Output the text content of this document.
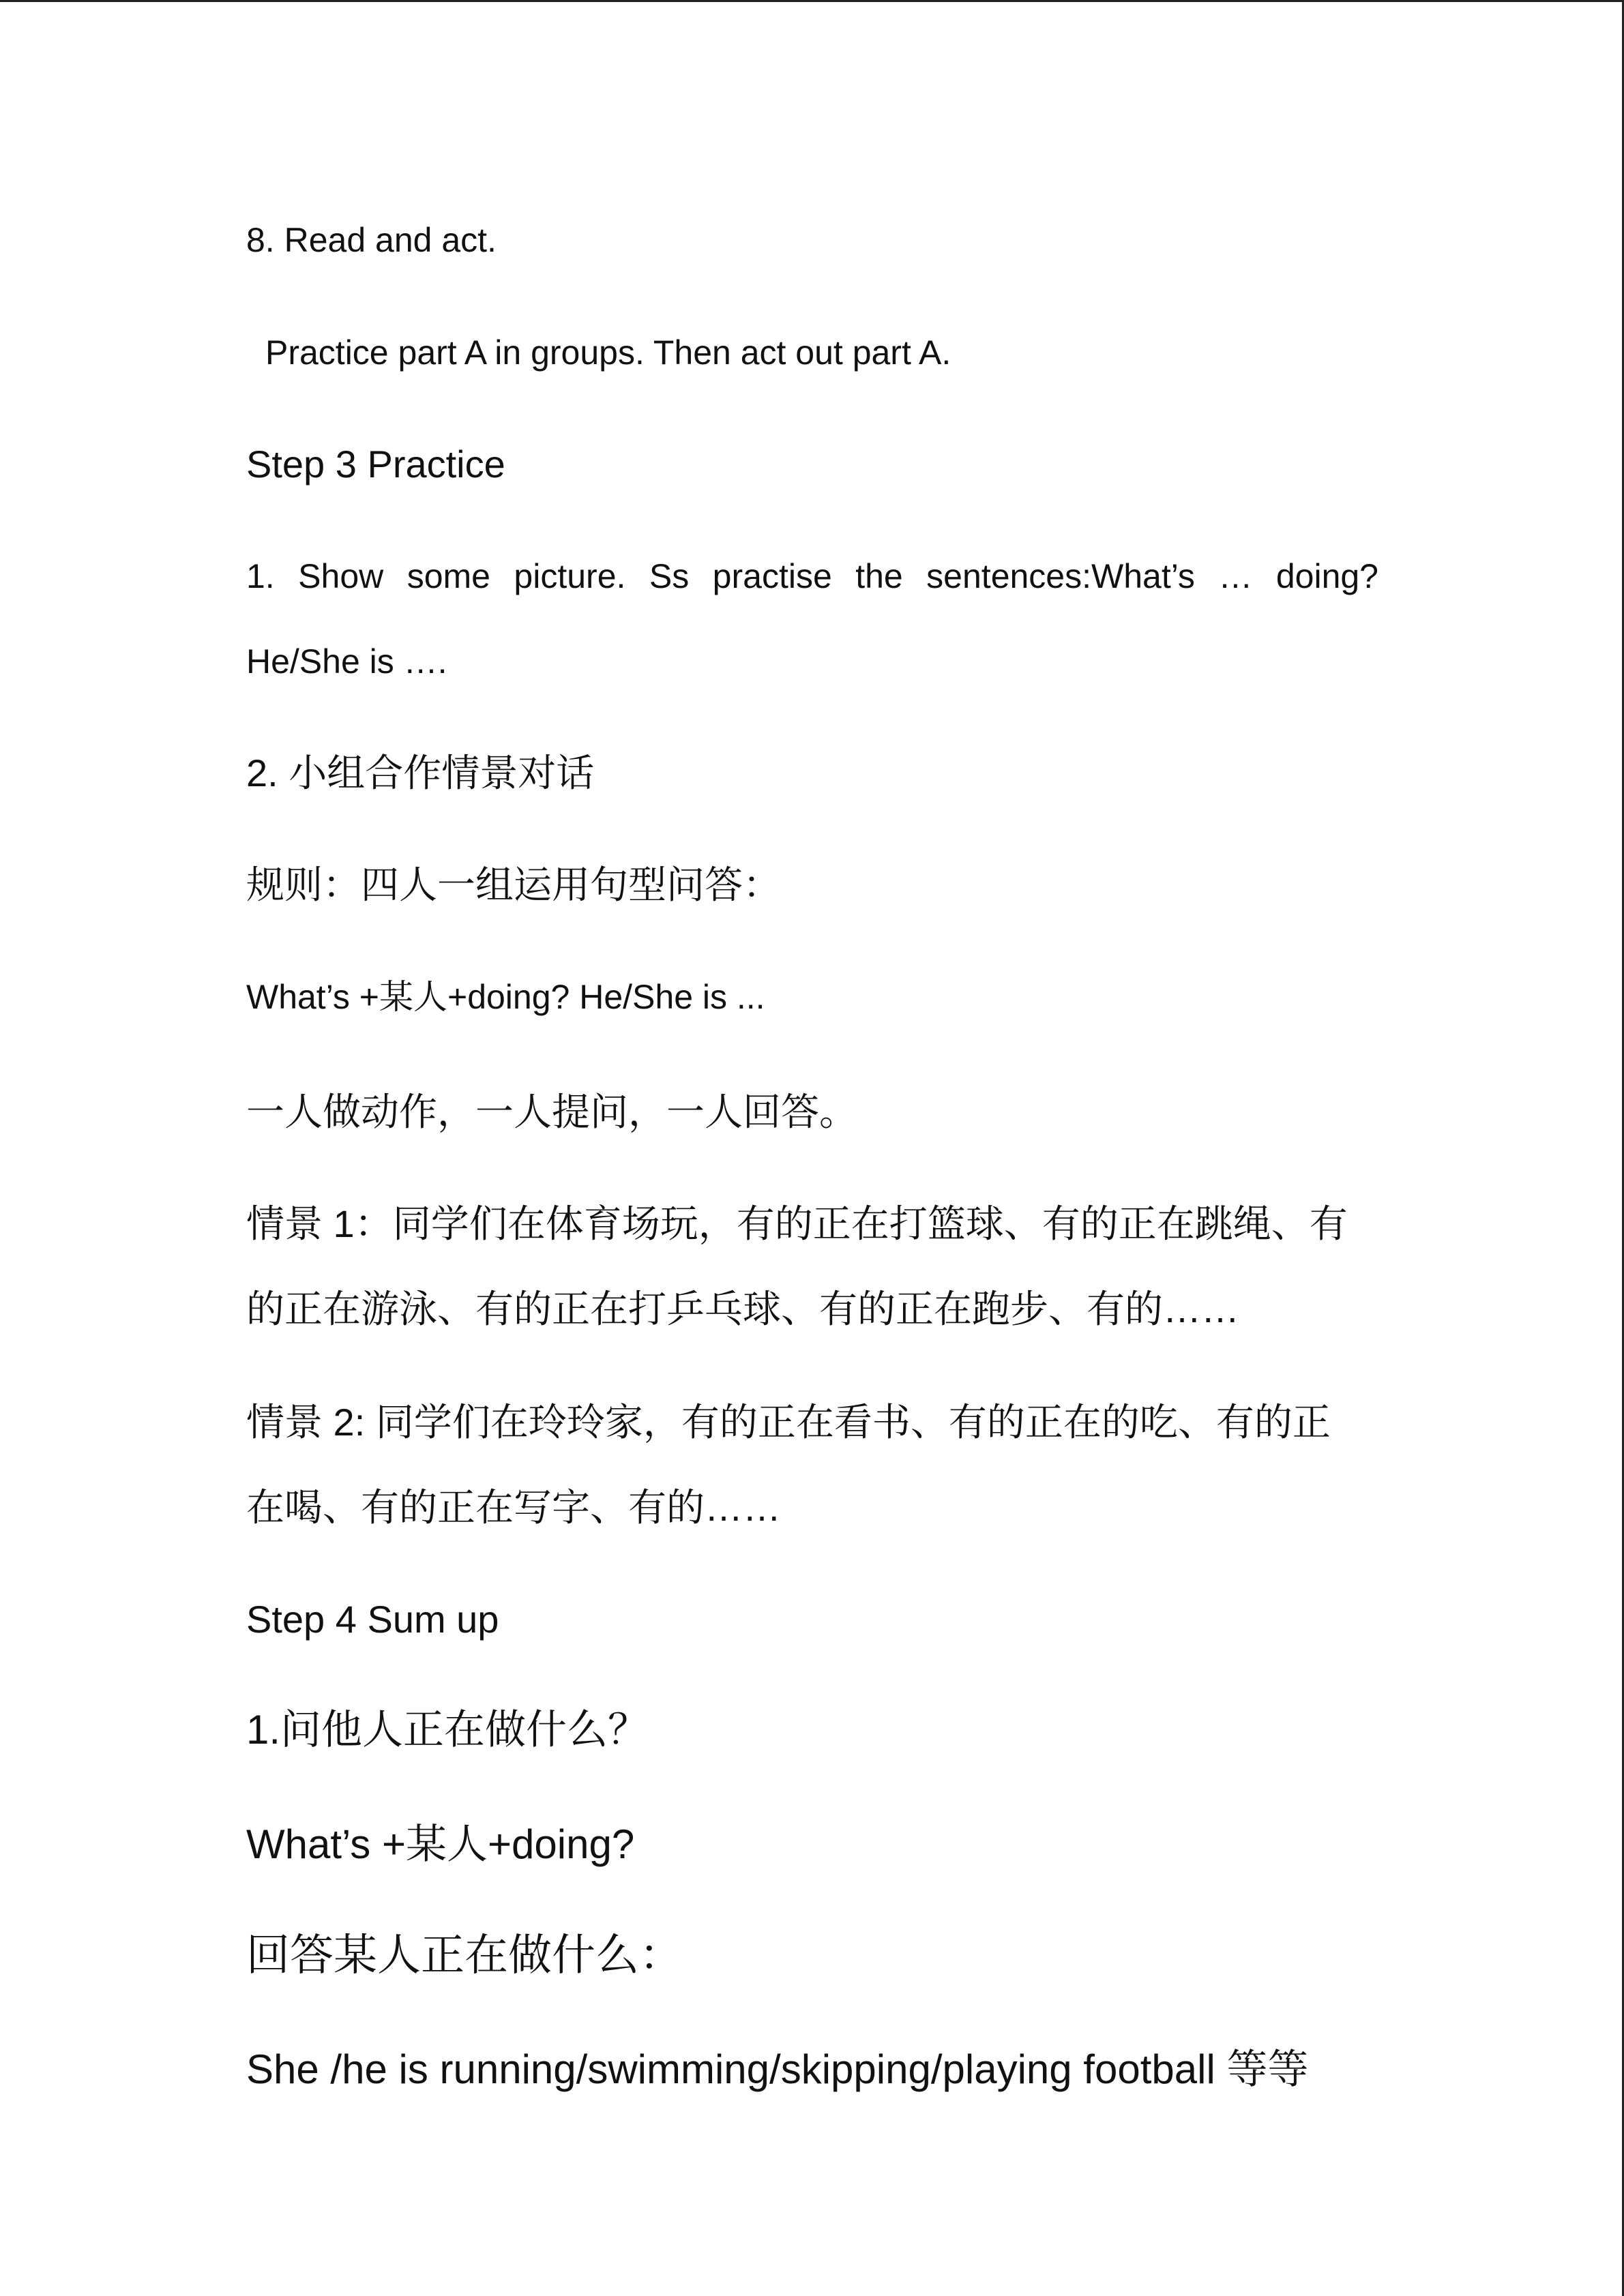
8. Read and act.
Practice part A in groups. Then act out part A.
Step 3 Practice
1. Show some picture. Ss practise the sentences:What’s … doing?
He/She is ….
2. 小组合作情景对话
规则：四人一组运用句型问答：
What’s +某人+doing? He/She is ...
一人做动作，一人提问，一人回答。
情景 1：同学们在体育场玩，有的正在打篮球、有的正在跳绳、有
的正在游泳、有的正在打乒乓球、有的正在跑步、有的……
情景 2: 同学们在玲玲家，有的正在看书、有的正在的吃、有的正
在喝、有的正在写字、有的……
Step 4 Sum up
1.问他人正在做什么？
What’s +某人+doing?
回答某人正在做什么：
She /he is running/swimming/skipping/playing football 等等
